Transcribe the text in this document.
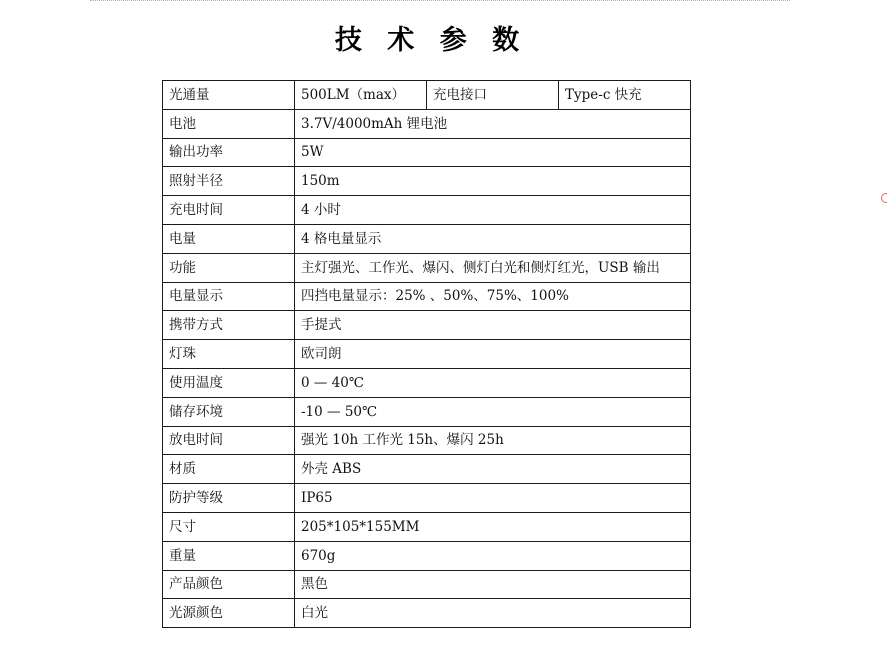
技 术 参 数
光通量	500LM（max）	充电接口	Type-c 快充
电池	3.7V/4000mAh 锂电池		
输出功率	5W		
照射半径	150m		
充电时间	4 小时		
电量	4 格电量显示		
功能	主灯强光、工作光、爆闪、侧灯白光和侧灯红光，USB 输出		
电量显示	四挡电量显示：25% 、50%、75%、100%		
携带方式	手提式		
灯珠	欧司朗		
使用温度	0 — 40℃		
储存环境	-10 — 50℃		
放电时间	强光 10h 工作光 15h、爆闪 25h		
材质	外壳 ABS		
防护等级	IP65		
尺寸	205*105*155MM		
重量	670g		
产品颜色	黑色		
光源颜色	白光		
